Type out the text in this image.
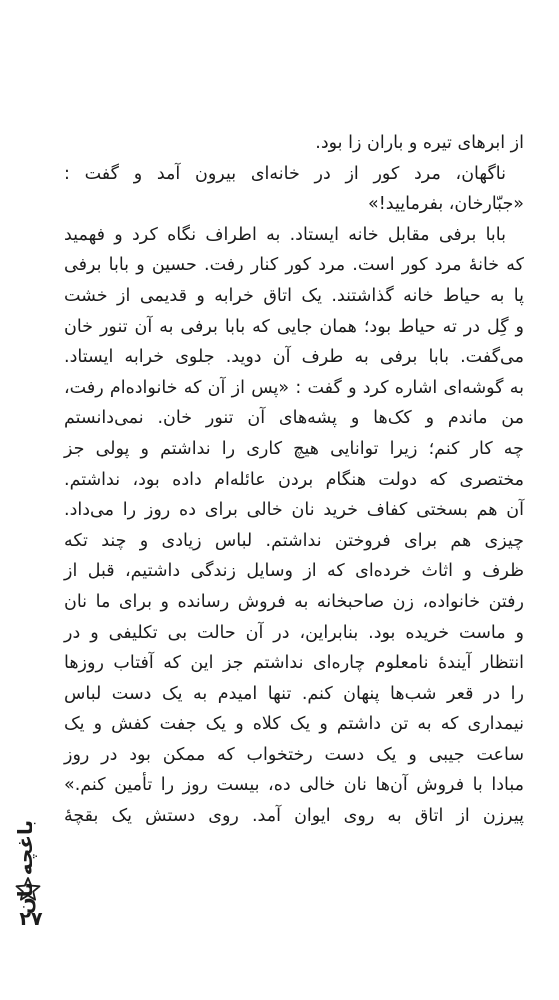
از ابرهای تیره و باران زا بود.
ناگهان، مرد کور از در خانه‌ای بیرون آمد و گفت :
«جبّارخان، بفرمایید!»
بابا برفی مقابل خانه ایستاد. به اطراف نگاه کرد و فهمید
که خانهٔ مرد کور است. مرد کور کنار رفت. حسین و بابا برفی
پا به حیاط خانه گذاشتند. یک اتاق خرابه و قدیمی از خشت
و گِل در ته حیاط بود؛ همان جایی که بابا برفی به آن تنور خان
می‌گفت. بابا برفی به طرف آن دوید. جلوی خرابه ایستاد.
به گوشه‌ای اشاره کرد و گفت : «پس از آن که خانواده‌ام رفت،
من ماندم و کک‌ها و پشه‌های آن تنور خان. نمی‌دانستم
چه کار کنم؛ زیرا توانایی هیچ کاری را نداشتم و پولی جز
مختصری که دولت هنگام بردن عائله‌ام داده بود، نداشتم.
آن هم بسختی کفاف خرید نان خالی برای ده روز را می‌داد.
چیزی هم برای فروختن نداشتم. لباس زیادی و چند تکه
ظرف و اثاث خرده‌ای که از وسایل زندگی داشتیم، قبل از
رفتن خانواده، زن صاحبخانه به فروش رسانده و برای ما نان
و ماست خریده بود. بنابراین، در آن حالت بی تکلیفی و در
انتظار آیندهٔ نامعلوم چاره‌ای نداشتم جز این که آفتاب روزها
را در قعر شب‌ها پنهان کنم. تنها امیدم به یک دست لباس
نیمداری که به تن داشتم و یک کلاه و یک جفت کفش و یک
ساعت جیبی و یک دست رختخواب که ممکن بود در روز
مبادا با فروش آن‌ها نان خالی ده، بیست روز را تأمین کنم.»
پیرزن از اتاق به روی ایوان آمد. روی دستش یک بقچهٔ
باغچه بان
۲۷
